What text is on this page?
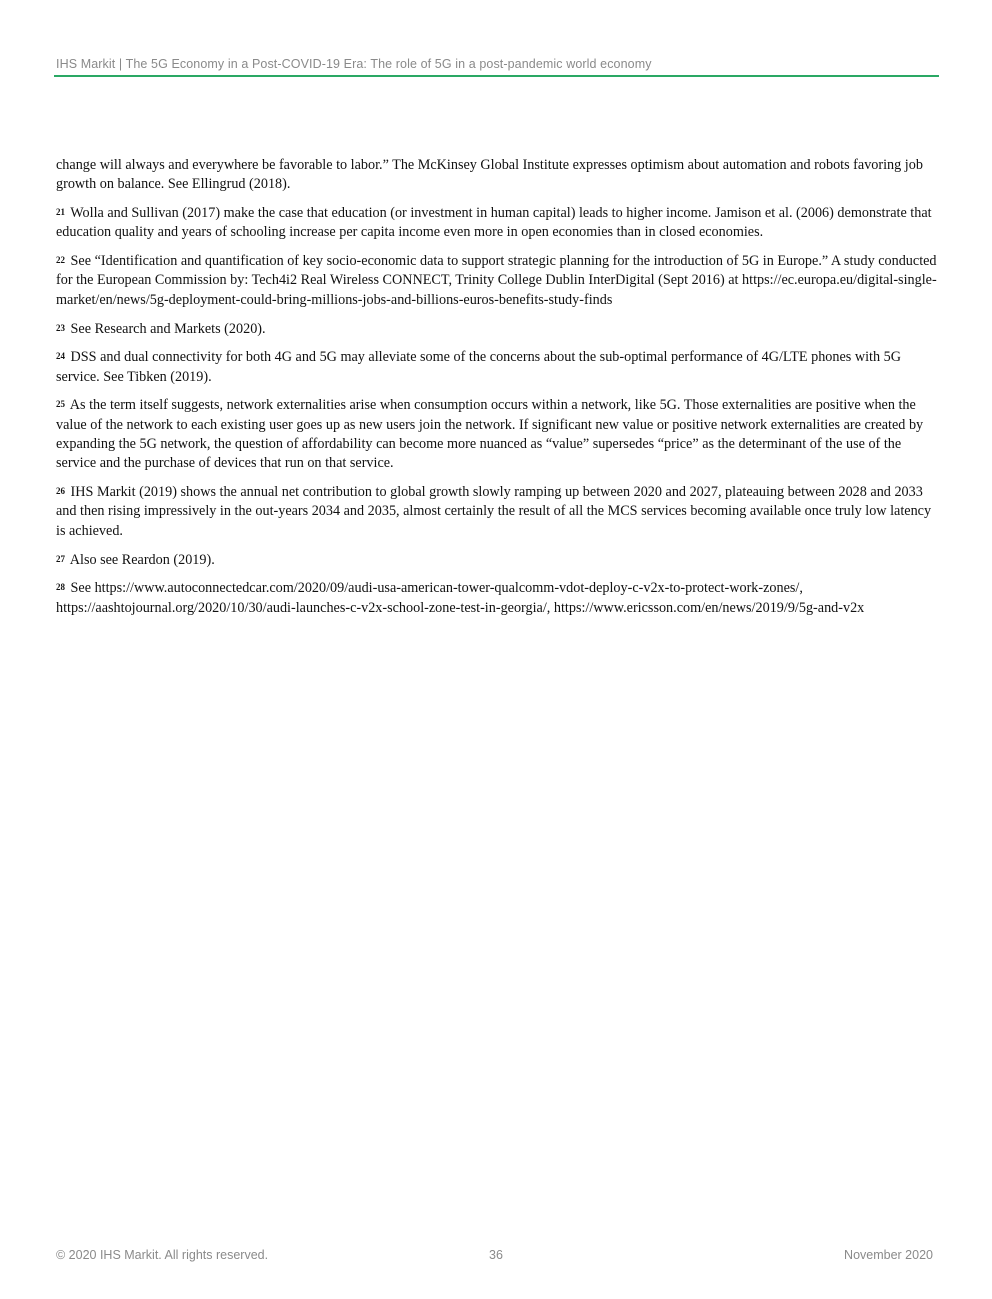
IHS Markit | The 5G Economy in a Post-COVID-19 Era: The role of 5G in a post-pandemic world economy

change will always and everywhere be favorable to labor.” The McKinsey Global Institute expresses optimism about automation and robots favoring job growth on balance. See Ellingrud (2018).

$^{21}$ Wolla and Sullivan (2017) make the case that education (or investment in human capital) leads to higher income. Jamison et al. (2006) demonstrate that education quality and years of schooling increase per capita income even more in open economies than in closed economies.

$^{22}$ See “Identification and quantification of key socio-economic data to support strategic planning for the introduction of 5G in Europe.” A study conducted for the European Commission by: Tech4i2 Real Wireless CONNECT, Trinity College Dublin InterDigital (Sept 2016) at https://ec.europa.eu/digital-single-market/en/news/5g-deployment-could-bring-millions-jobs-and-billions-euros-benefits-study-finds

$^{23}$ See Research and Markets (2020).

$^{24}$ DSS and dual connectivity for both 4G and 5G may alleviate some of the concerns about the sub-optimal performance of 4G/LTE phones with 5G service. See Tibken (2019).

$^{25}$ As the term itself suggests, network externalities arise when consumption occurs within a network, like 5G. Those externalities are positive when the value of the network to each existing user goes up as new users join the network. If significant new value or positive network externalities are created by expanding the 5G network, the question of affordability can become more nuanced as “value” supersedes “price” as the determinant of the use of the service and the purchase of devices that run on that service.

$^{26}$ IHS Markit (2019) shows the annual net contribution to global growth slowly ramping up between 2020 and 2027, plateauing between 2028 and 2033 and then rising impressively in the out-years 2034 and 2035, almost certainly the result of all the MCS services becoming available once truly low latency is achieved.

$^{27}$ Also see Reardon (2019).

$^{28}$ See https://www.autoconnectedcar.com/2020/09/audi-usa-american-tower-qualcomm-vdot-deploy-c-v2x-to-protect-work-zones/, https://aashtojournal.org/2020/10/30/audi-launches-c-v2x-school-zone-test-in-georgia/, https://www.ericsson.com/en/news/2019/9/5g-and-v2x

© 2020 IHS Markit. All rights reserved.	36	November 2020
